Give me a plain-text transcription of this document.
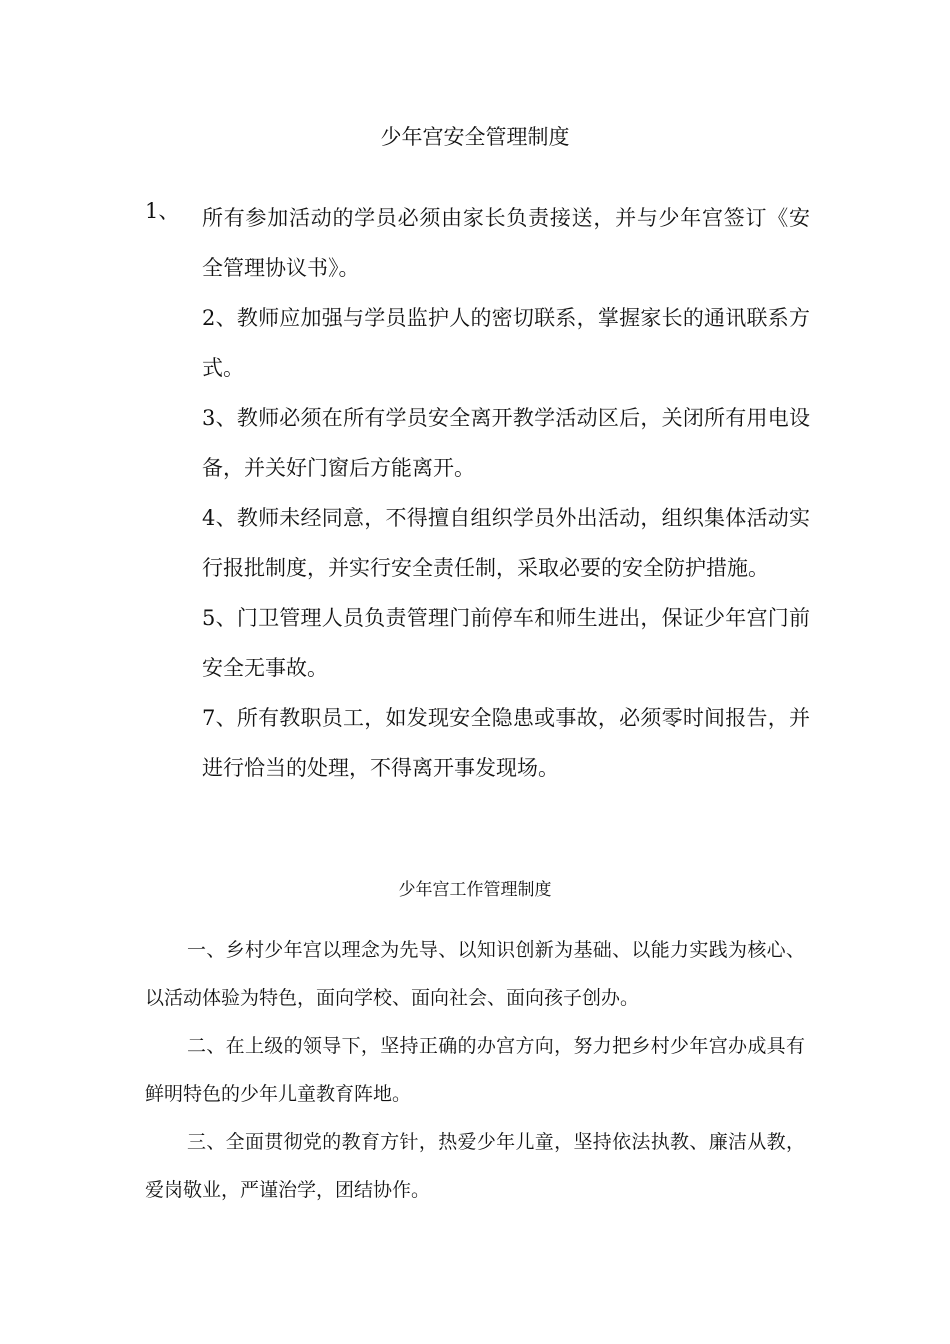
少年宫安全管理制度
1、 所有参加活动的学员必须由家长负责接送，并与少年宫签订《安全管理协议书》。

2、教师应加强与学员监护人的密切联系，掌握家长的通讯联系方式。

3、教师必须在所有学员安全离开教学活动区后，关闭所有用电设备，并关好门窗后方能离开。

4、教师未经同意，不得擅自组织学员外出活动，组织集体活动实行报批制度，并实行安全责任制，采取必要的安全防护措施。

5、门卫管理人员负责管理门前停车和师生进出，保证少年宫门前安全无事故。

7、所有教职员工，如发现安全隐患或事故，必须零时间报告，并进行恰当的处理，不得离开事发现场。

少年宫工作管理制度

一、乡村少年宫以理念为先导、以知识创新为基础、以能力实践为核心、以活动体验为特色，面向学校、面向社会、面向孩子创办。

二、在上级的领导下，坚持正确的办宫方向，努力把乡村少年宫办成具有鲜明特色的少年儿童教育阵地。

三、全面贯彻党的教育方针，热爱少年儿童，坚持依法执教、廉洁从教，爱岗敬业，严谨治学，团结协作。
